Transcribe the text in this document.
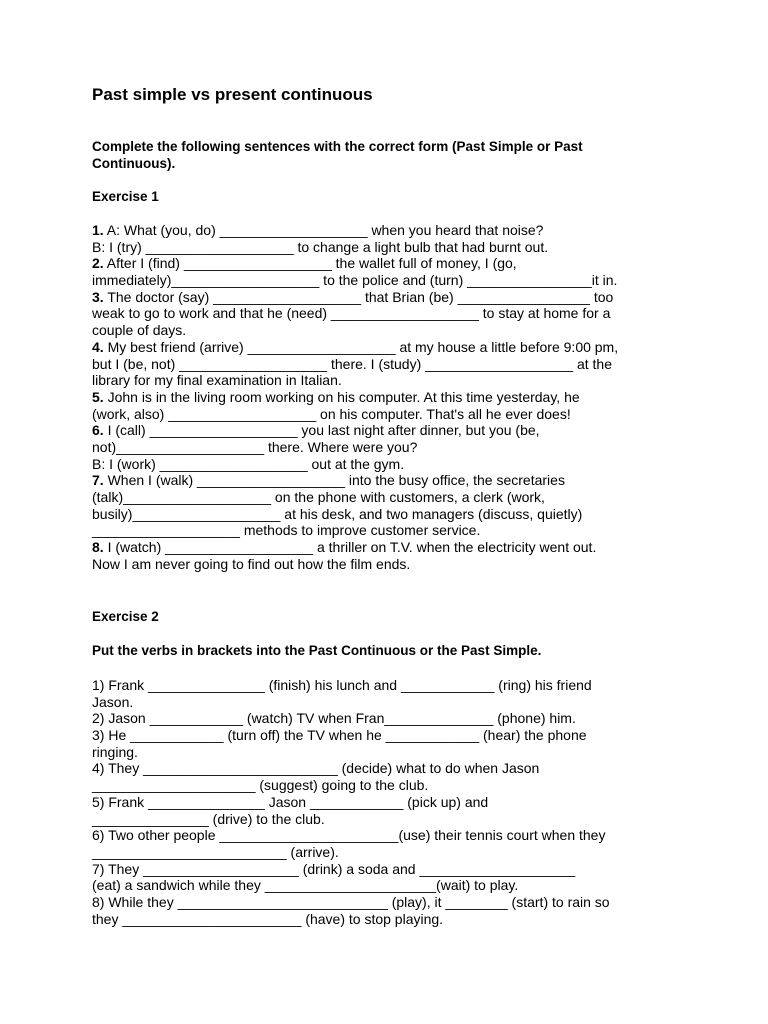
Past simple vs present continuous
Complete the following sentences with the correct form (Past Simple or Past
Continuous).
Exercise 1
1. A: What (you, do) ___________________ when you heard that noise?
B: I (try) ___________________ to change a light bulb that had burnt out.
2. After I (find) ___________________ the wallet full of money, I (go,
immediately)___________________ to the police and (turn) ________________it in.
3. The doctor (say) ___________________ that Brian (be) _________________ too
weak to go to work and that he (need) ___________________ to stay at home for a
couple of days.
4. My best friend (arrive) ___________________ at my house a little before 9:00 pm,
but I (be, not) ___________________ there. I (study) ___________________ at the
library for my final examination in Italian.
5. John is in the living room working on his computer. At this time yesterday, he
(work, also) ___________________ on his computer. That's all he ever does!
6. I (call) ___________________ you last night after dinner, but you (be,
not)___________________ there. Where were you?
B: I (work) ___________________ out at the gym.
7. When I (walk) ___________________ into the busy office, the secretaries
(talk)___________________ on the phone with customers, a clerk (work,
busily)___________________ at his desk, and two managers (discuss, quietly)
___________________ methods to improve customer service.
8. I (watch) ___________________ a thriller on T.V. when the electricity went out.
Now I am never going to find out how the film ends.
Exercise 2
Put the verbs in brackets into the Past Continuous or the Past Simple.
1) Frank _______________ (finish) his lunch and ____________ (ring) his friend
Jason.
2) Jason ____________ (watch) TV when Fran______________ (phone) him.
3) He ____________ (turn off) the TV when he ____________ (hear) the phone
ringing.
4) They _________________________ (decide) what to do when Jason
_____________________ (suggest) going to the club.
5) Frank _______________ Jason ____________ (pick up) and
_______________ (drive) to the club.
6) Two other people _______________________(use) their tennis court when they
_________________________ (arrive).
7) They ____________________ (drink) a soda and ____________________
(eat) a sandwich while they ______________________(wait) to play.
8) While they ___________________________ (play), it ________ (start) to rain so
they _______________________ (have) to stop playing.
